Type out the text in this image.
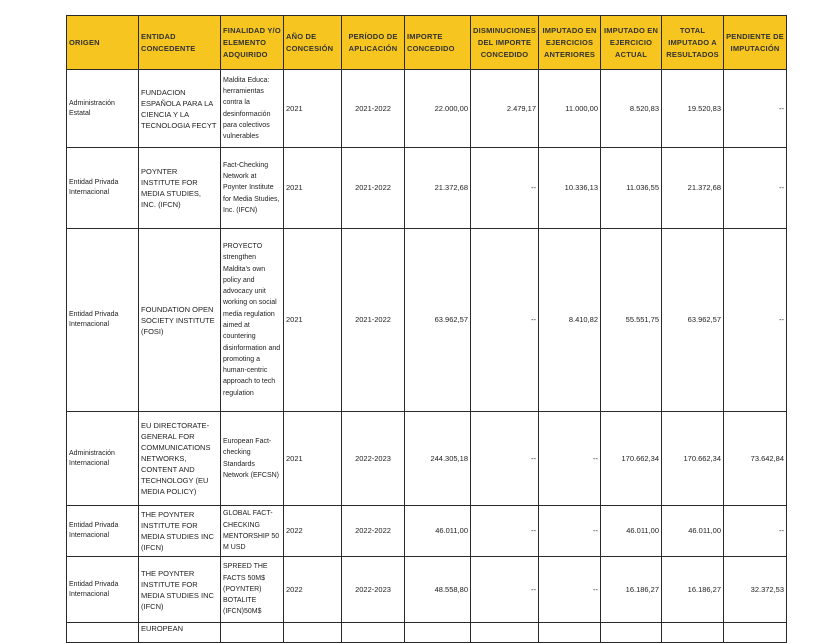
ORIGEN	ENTIDAD CONCEDENTE	FINALIDAD Y/O ELEMENTO ADQUIRIDO	AÑO DE CONCESIÓN	PERÍODO DE APLICACIÓN	IMPORTE CONCEDIDO	DISMINUCIONES DEL IMPORTE CONCEDIDO	IMPUTADO EN EJERCICIOS ANTERIORES	IMPUTADO EN EJERCICIO ACTUAL	TOTAL IMPUTADO A RESULTADOS	PENDIENTE DE IMPUTACIÓN
Administración Estatal	FUNDACION ESPAÑOLA PARA LA CIENCIA Y LA TECNOLOGIA FECYT	Maldita Educa: herramientas contra la desinformación para colectivos vulnerables	2021	2021-2022	22.000,00	2.479,17	11.000,00	8.520,83	19.520,83	--
Entidad Privada Internacional	POYNTER INSTITUTE FOR MEDIA STUDIES, INC. (IFCN)	Fact-Checking Network at Poynter Institute for Media Studies, Inc. (IFCN)	2021	2021-2022	21.372,68	--	10.336,13	11.036,55	21.372,68	--
Entidad Privada Internacional	FOUNDATION OPEN SOCIETY INSTITUTE (FOSI)	PROYECTO strengthen Maldita's own policy and advocacy unit working on social media regulation aimed at countering disinformation and promoting a human-centric approach to tech regulation	2021	2021-2022	63.962,57	--	8.410,82	55.551,75	63.962,57	--
Administración Internacional	EU DIRECTORATE-GENERAL FOR COMMUNICATIONS NETWORKS, CONTENT AND TECHNOLOGY (EU MEDIA POLICY)	European Fact-checking Standards Network (EFCSN)	2021	2022-2023	244.305,18	--	--	170.662,34	170.662,34	73.642,84
Entidad Privada Internacional	THE POYNTER INSTITUTE FOR MEDIA STUDIES INC (IFCN)	GLOBAL FACT-CHECKING MENTORSHIP 50 M USD	2022	2022-2022	46.011,00	--	--	46.011,00	46.011,00	--
Entidad Privada Internacional	THE POYNTER INSTITUTE FOR MEDIA STUDIES INC (IFCN)	SPREED THE FACTS 50M$ (POYNTER) BOTALITE (IFCN)50M$	2022	2022-2023	48.558,80	--	--	16.186,27	16.186,27	32.372,53
	EUROPEAN									
